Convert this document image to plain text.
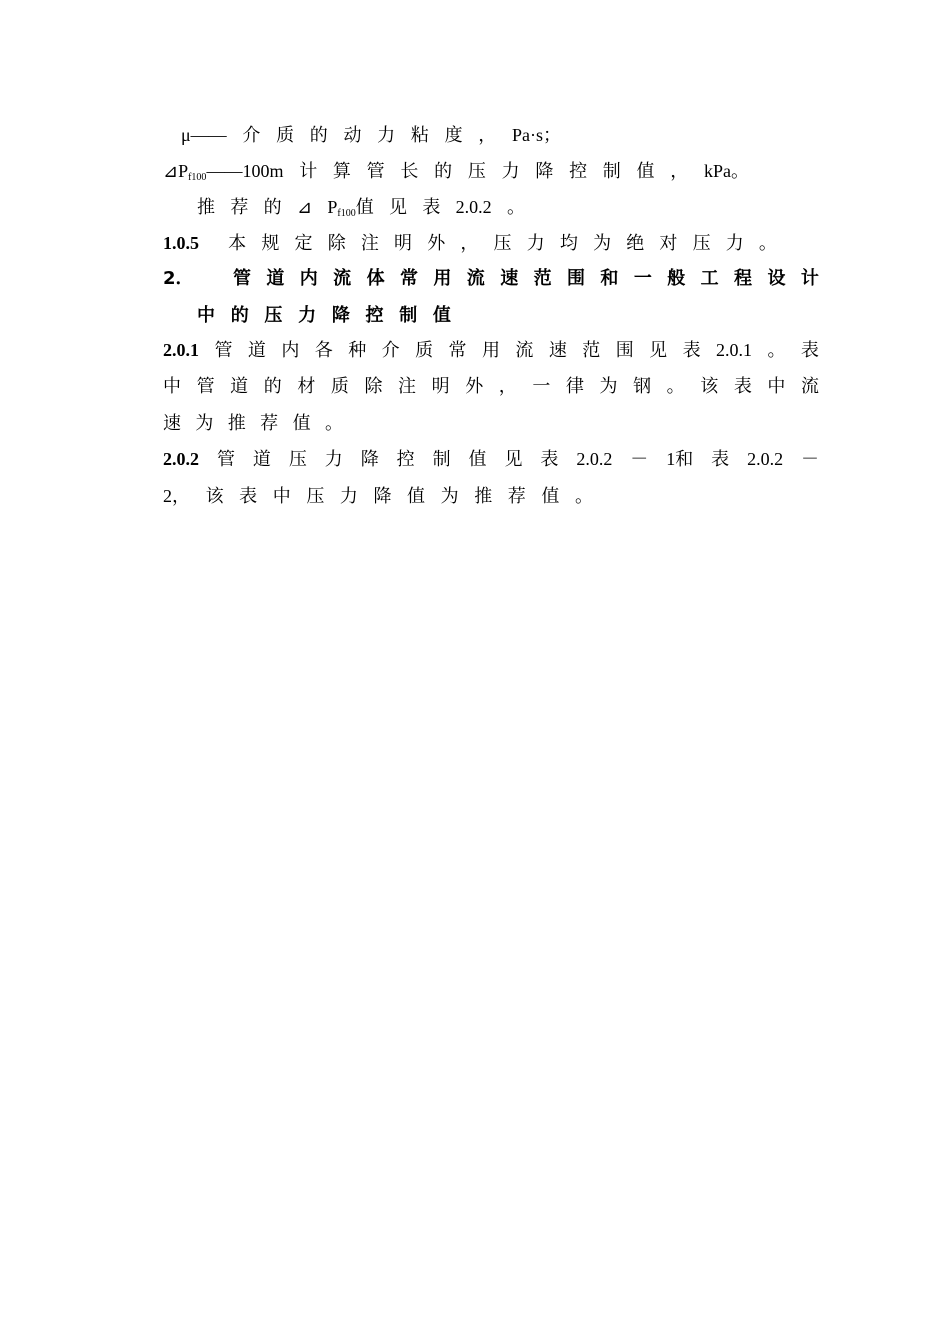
μ—— 介 质 的 动 力 粘 度 ， Pa·s；
$⊿P_{f100}——100m$ 计 算 管 长 的 压 力 降 控 制 值 ， kPa。
推 荐 的 ⊿ $P_{f100}$值 见 表 2.0.2 。
1.0.5 本 规 定 除 注 明 外 ， 压 力 均 为 绝 对 压 力 。
2． 管 道 内 流 体 常 用 流 速 范 围 和 一 般 工 程 设 计
中 的 压 力 降 控 制 值
2.0.1 管 道 内 各 种 介 质 常 用 流 速 范 围 见 表 2.0.1 。 表
中 管 道 的 材 质 除 注 明 外 ， 一 律 为 钢 。 该 表 中 流
速 为 推 荐 值 。
2.0.2 管 道 压 力 降 控 制 值 见 表 2.0.2 － 1和 表 2.0.2 －
2， 该 表 中 压 力 降 值 为 推 荐 值 。
